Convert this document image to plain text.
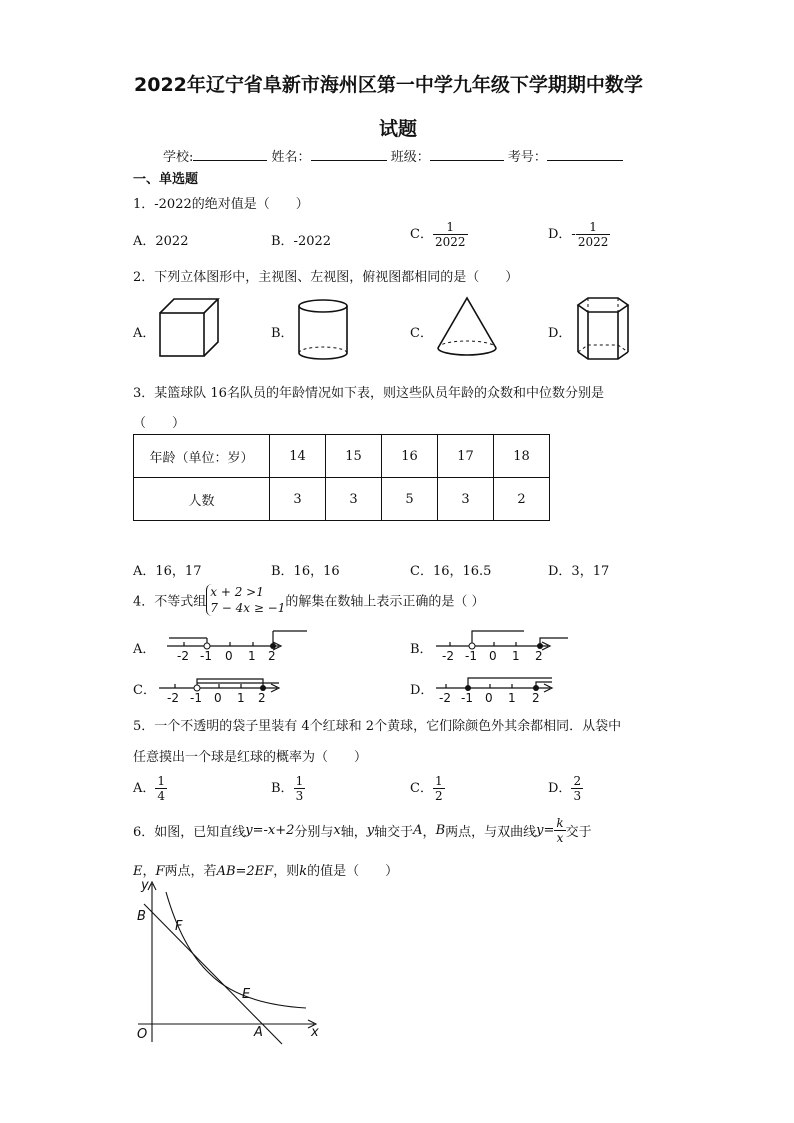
2022年辽宁省阜新市海州区第一中学九年级下学期期中数学
试题
学校:	姓名：	班级：	考号：
一、单选题
1．-2022的绝对值是（　　）
A．2022	B．-2022	C． $\frac{1}{2022}$	D．- $\frac{1}{2022}$
2．下列立体图形中，主视图、左视图，俯视图都相同的是（　　）
A．	B．	C．	D．
3．某篮球队 16名队员的年龄情况如下表，则这些队员年龄的众数和中位数分别是
（　　）
年龄（单位：岁）	14	15	16	17	18
人数	3	3	5	3	2
A．16，17	B．16，16	C．16，16.5	D．3，17
4．不等式组
x + 2 >1
7 − 4x ≥ −1 的解集在数轴上表示正确的是（ ）
A．	B．
C．	D．
-2 -1 0 1 2	-2 -1 0 1 2
-2 -1 0 1 2	-2 -1 0 1 2
5．一个不透明的袋子里装有 4个红球和 2个黄球，它们除颜色外其余都相同．从袋中
任意摸出一个球是红球的概率为（　　）
A． $\frac{1}{4}$	B． $\frac{1}{3}$	C． $\frac{1}{2}$	D． $\frac{2}{3}$
6．如图，已知直线y=-x+2分别与x轴，y轴交于A，B两点，与双曲线$y= \frac{k}{x}$ 交于
E，F两点，若AB=2EF，则k的值是（　　）
y
x
O	A
B
E
F
